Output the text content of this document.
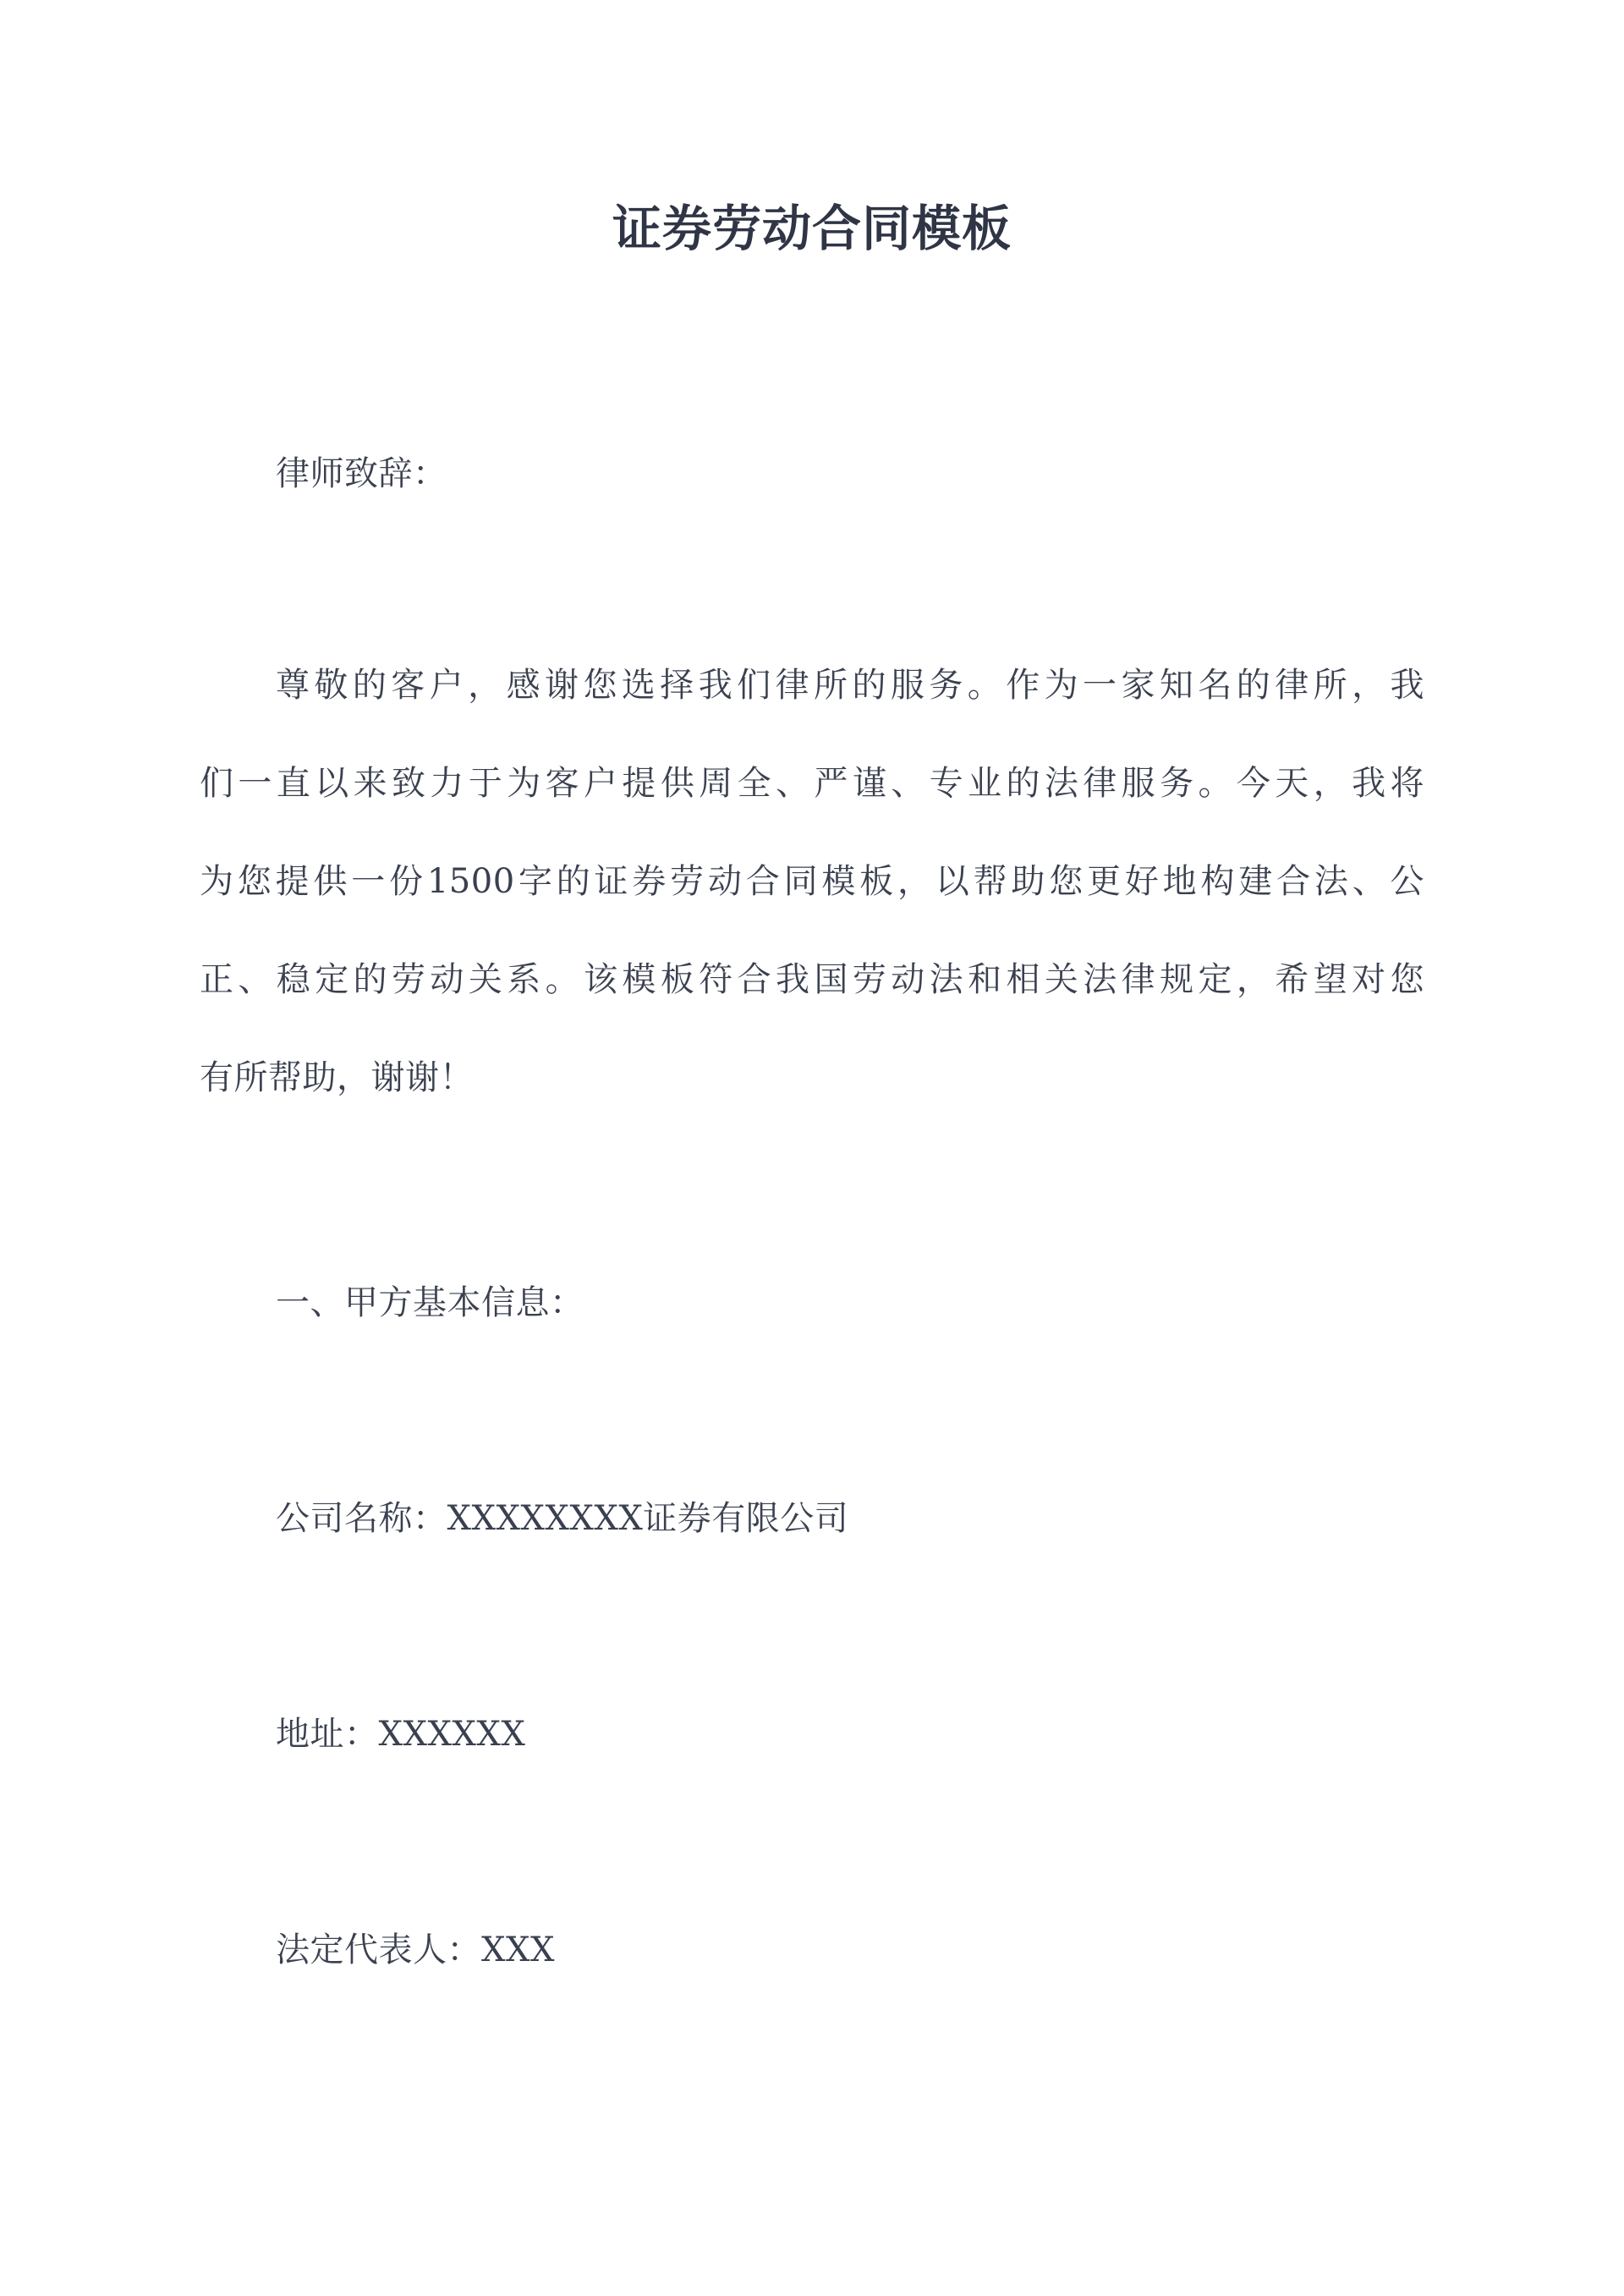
证券劳动合同模板

律师致辞：

尊敬的客户，感谢您选择我们律所的服务。作为一家知名的律所，我
们一直以来致力于为客户提供周全、严谨、专业的法律服务。今天，我将
为您提供一份1500字的证券劳动合同模板，以帮助您更好地构建合法、公
正、稳定的劳动关系。该模板符合我国劳动法和相关法律规定，希望对您
有所帮助，谢谢！

一、甲方基本信息：

公司名称：XXXXXXXX证券有限公司

地址：XXXXXX

法定代表人：XXX
